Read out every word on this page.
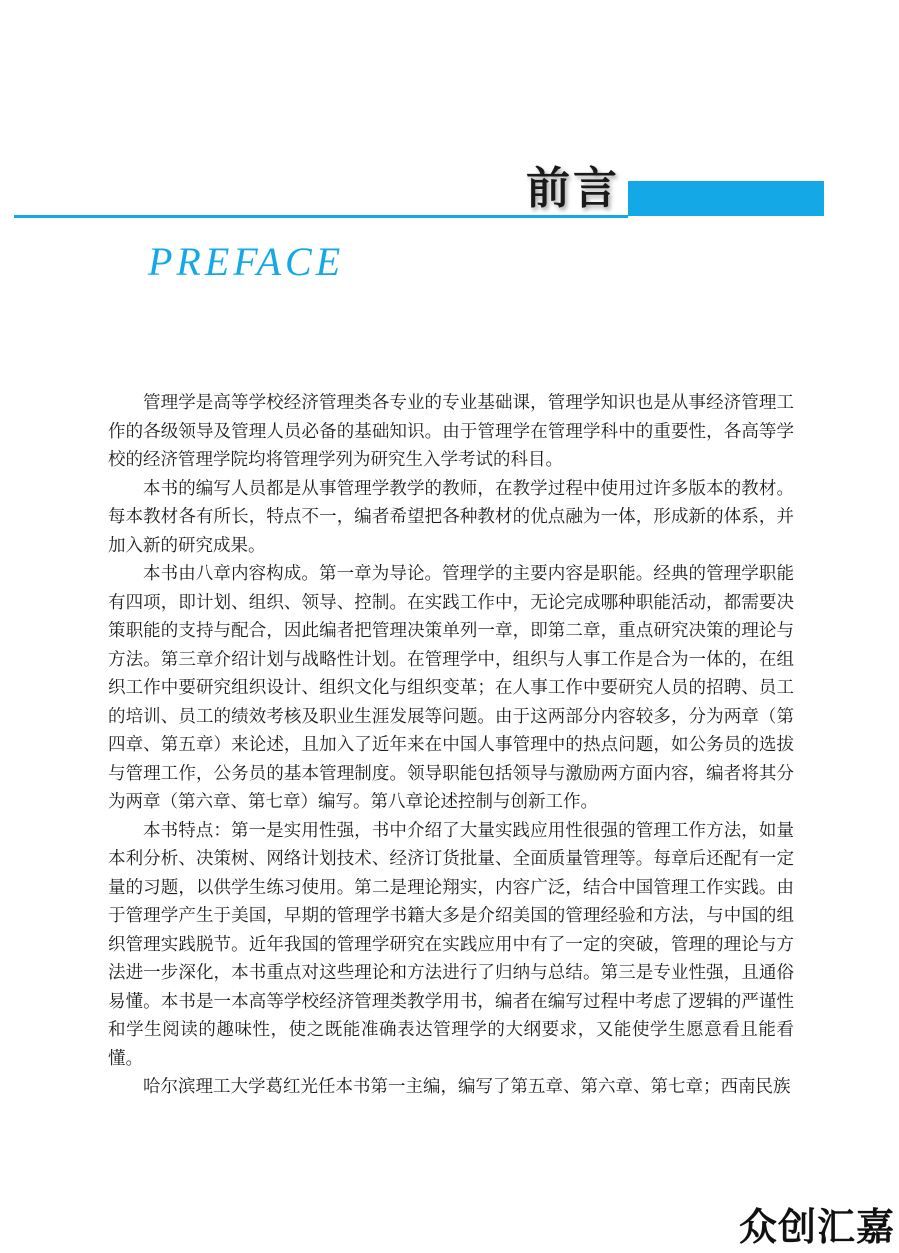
前言
PREFACE

管理学是高等学校经济管理类各专业的专业基础课，管理学知识也是从事经济管理工作的各级领导及管理人员必备的基础知识。由于管理学在管理学科中的重要性，各高等学校的经济管理学院均将管理学列为研究生入学考试的科目。

本书的编写人员都是从事管理学教学的教师，在教学过程中使用过许多版本的教材。每本教材各有所长，特点不一，编者希望把各种教材的优点融为一体，形成新的体系，并加入新的研究成果。

本书由八章内容构成。第一章为导论。管理学的主要内容是职能。经典的管理学职能有四项，即计划、组织、领导、控制。在实践工作中，无论完成哪种职能活动，都需要决策职能的支持与配合，因此编者把管理决策单列一章，即第二章，重点研究决策的理论与方法。第三章介绍计划与战略性计划。在管理学中，组织与人事工作是合为一体的，在组织工作中要研究组织设计、组织文化与组织变革；在人事工作中要研究人员的招聘、员工的培训、员工的绩效考核及职业生涯发展等问题。由于这两部分内容较多，分为两章（第四章、第五章）来论述，且加入了近年来在中国人事管理中的热点问题，如公务员的选拔与管理工作，公务员的基本管理制度。领导职能包括领导与激励两方面内容，编者将其分为两章（第六章、第七章）编写。第八章论述控制与创新工作。

本书特点：第一是实用性强，书中介绍了大量实践应用性很强的管理工作方法，如量本利分析、决策树、网络计划技术、经济订货批量、全面质量管理等。每章后还配有一定量的习题，以供学生练习使用。第二是理论翔实，内容广泛，结合中国管理工作实践。由于管理学产生于美国，早期的管理学书籍大多是介绍美国的管理经验和方法，与中国的组织管理实践脱节。近年我国的管理学研究在实践应用中有了一定的突破，管理的理论与方法进一步深化，本书重点对这些理论和方法进行了归纳与总结。第三是专业性强，且通俗易懂。本书是一本高等学校经济管理类教学用书，编者在编写过程中考虑了逻辑的严谨性和学生阅读的趣味性，使之既能准确表达管理学的大纲要求，又能使学生愿意看且能看懂。

哈尔滨理工大学葛红光任本书第一主编，编写了第五章、第六章、第七章；西南民族

众创汇嘉
